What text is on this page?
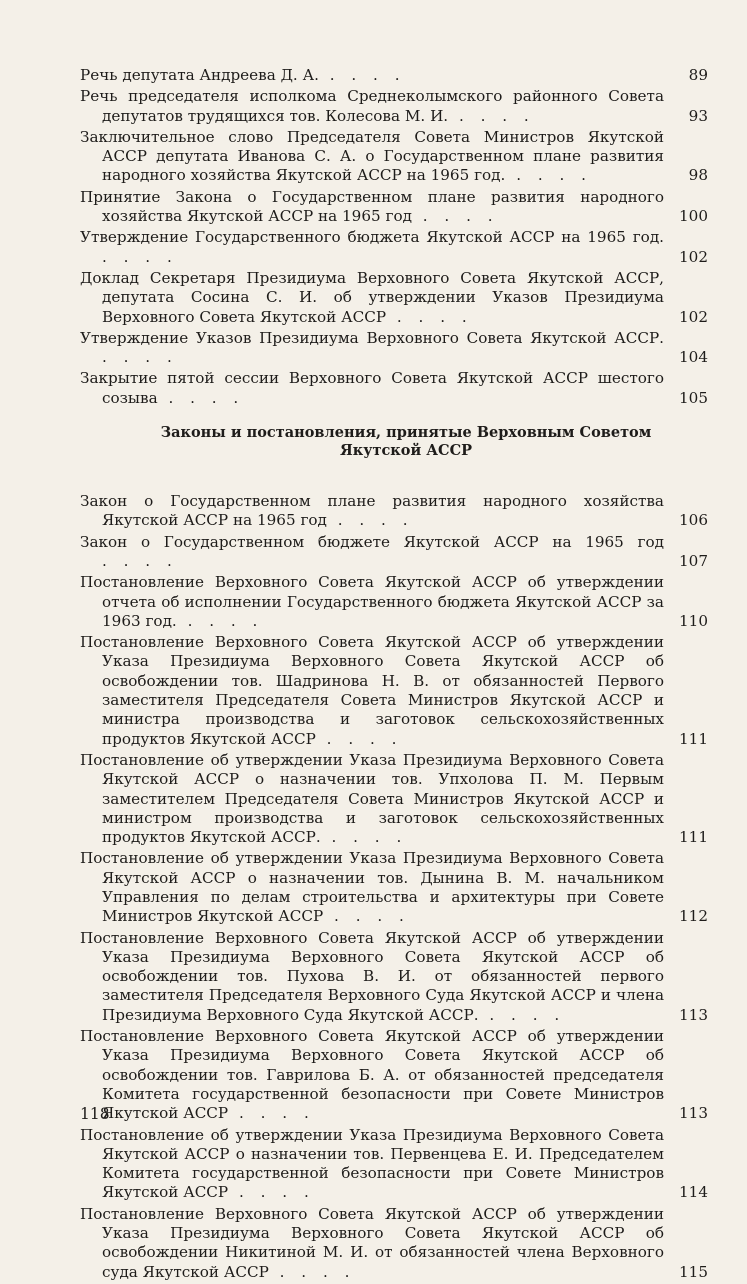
Речь депутата Андреева Д. А. . . . .	89
Речь председателя исполкома Среднеколымского районного Совета депутатов трудящихся тов. Колесова М. И. . . . .	93
Заключительное слово Председателя Совета Министров Якутской АССР депутата Иванова С. А. о Государственном плане развития народного хозяйства Якутской АССР на 1965 год. . . . .	98
Принятие Закона о Государственном плане развития народного хозяйства Якутской АССР на 1965 год . . . .	100
Утверждение Государственного бюджета Якутской АССР на 1965 год. . . . .	102
Доклад Секретаря Президиума Верховного Совета Якутской АССР, депутата Сосина С. И. об утверждении Указов Президиума Верховного Совета Якутской АССР . . . .	102
Утверждение Указов Президиума Верховного Совета Якутской АССР. . . . .	104
Закрытие пятой сессии Верховного Совета Якутской АССР шестого созыва . . . .	105
Законы и постановления, принятые Верховным Советом Якутской АССР
Закон о Государственном плане развития народного хозяйства Якутской АССР на 1965 год . . . .	106
Закон о Государственном бюджете Якутской АССР на 1965 год . . . .	107
Постановление Верховного Совета Якутской АССР об утверждении отчета об исполнении Государственного бюджета Якутской АССР за 1963 год. . . . .	110
Постановление Верховного Совета Якутской АССР об утверждении Указа Президиума Верховного Совета Якутской АССР об освобождении тов. Шадринова Н. В. от обязанностей Первого заместителя Председателя Совета Министров Якутской АССР и министра производства и заготовок сельскохозяйственных продуктов Якутской АССР . . . .	111
Постановление об утверждении Указа Президиума Верховного Совета Якутской АССР о назначении тов. Упхолова П. М. Первым заместителем Председателя Совета Министров Якутской АССР и министром производства и заготовок сельскохозяйственных продуктов Якутской АССР. . . . .	111
Постановление об утверждении Указа Президиума Верховного Совета Якутской АССР о назначении тов. Дынина В. М. начальником Управления по делам строительства и архитектуры при Совете Министров Якутской АССР . . . .	112
Постановление Верховного Совета Якутской АССР об утверждении Указа Президиума Верховного Совета Якутской АССР об освобождении тов. Пухова В. И. от обязанностей первого заместителя Председателя Верховного Суда Якутской АССР и члена Президиума Верховного Суда Якутской АССР. . . . .	113
Постановление Верховного Совета Якутской АССР об утверждении Указа Президиума Верховного Совета Якутской АССР об освобождении тов. Гаврилова Б. А. от обязанностей председателя Комитета государственной безопасности при Совете Министров Якутской АССР . . . .	113
Постановление об утверждении Указа Президиума Верховного Совета Якутской АССР о назначении тов. Первенцева Е. И. Председателем Комитета государственной безопасности при Совете Министров Якутской АССР . . . .	114
Постановление Верховного Совета Якутской АССР об утверждении Указа Президиума Верховного Совета Якутской АССР об освобождении Никитиной М. И. от обязанностей члена Верховного суда Якутской АССР . . . .	115
118
